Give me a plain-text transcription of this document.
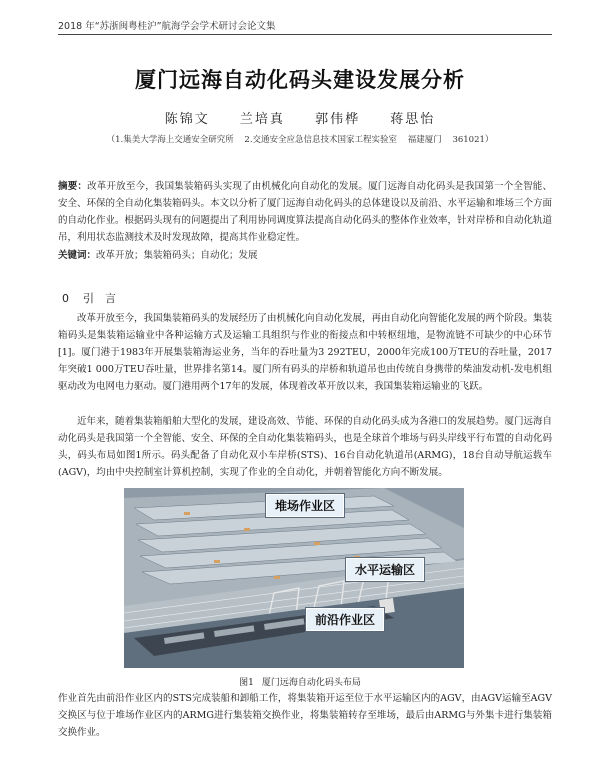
2018 年“苏浙闽粤桂沪”航海学会学术研讨会论文集
厦门远海自动化码头建设发展分析
陈锦文 兰培真 郭伟桦 蒋思怡
（1.集美大学海上交通安全研究所 2.交通安全应急信息技术国家工程实验室 福建厦门 361021）
摘要：改革开放至今，我国集装箱码头实现了由机械化向自动化的发展。厦门远海自动化码头是我国第一个全智能、安全、环保的全自动化集装箱码头。本文以分析了厦门远海自动化码头的总体建设以及前沿、水平运输和堆场三个方面的自动化作业。根据码头现有的问题提出了利用协同调度算法提高自动化码头的整体作业效率，针对岸桥和自动化轨道吊，利用状态监测技术及时发现故障，提高其作业稳定性。
关键词：改革开放；集装箱码头；自动化；发展
0 引　言
改革开放至今，我国集装箱码头的发展经历了由机械化向自动化发展，再由自动化向智能化发展的两个阶段。集装箱码头是集装箱运输业中各种运输方式及运输工具组织与作业的衔接点和中转枢纽地，是物流链不可缺少的中心环节[1]。厦门港于1983年开展集装箱海运业务，当年的吞吐量为3 292TEU，2000年完成100万TEU的吞吐量，2017年突破1 000万TEU吞吐量，世界排名第14。厦门所有码头的岸桥和轨道吊也由传统自身携带的柴油发动机-发电机组驱动改为电网电力驱动。厦门港用两个17年的发展，体现着改革开放以来，我国集装箱运输业的飞跃。
近年来，随着集装箱船舶大型化的发展，建设高效、节能、环保的自动化码头成为各港口的发展趋势。厦门远海自动化码头是我国第一个全智能、安全、环保的全自动化集装箱码头，也是全球首个堆场与码头岸线平行布置的自动化码头，码头布局如图1所示。码头配备了自动化双小车岸桥(STS)、16台自动化轨道吊(ARMG)，18台自动导航运载车(AGV)，均由中央控制室计算机控制，实现了作业的全自动化，并朝着智能化方向不断发展。
堆场作业区
水平运输区
前沿作业区
图1 厦门远海自动化码头布局
作业首先由前沿作业区内的STS完成装船和卸船工作，将集装箱开运至位于水平运输区内的AGV，由AGV运输至AGV交换区与位于堆场作业区内的ARMG进行集装箱交换作业，将集装箱转存至堆场，最后由ARMG与外集卡进行集装箱交换作业。
